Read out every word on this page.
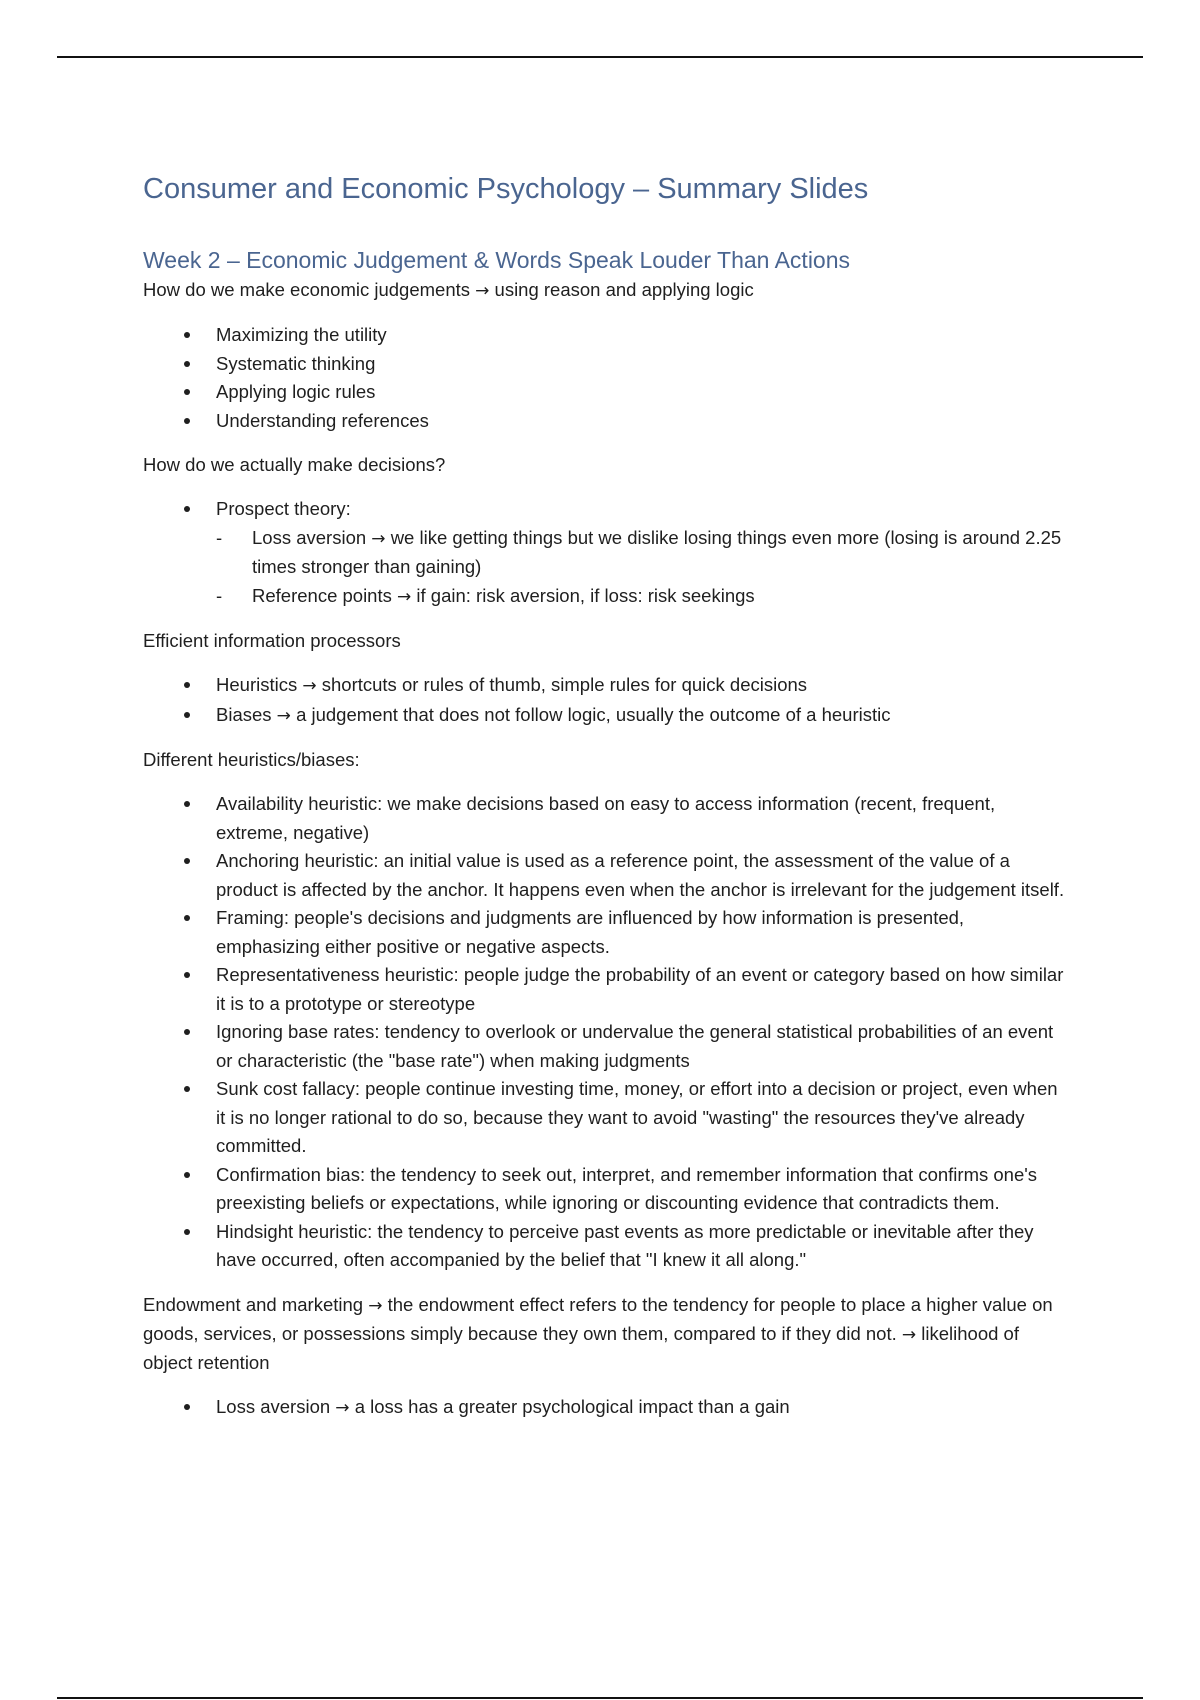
Consumer and Economic Psychology – Summary Slides
Week 2 – Economic Judgement & Words Speak Louder Than Actions

How do we make economic judgements → using reason and applying logic

Maximizing the utility
Systematic thinking
Applying logic rules
Understanding references

How do we actually make decisions?

Prospect theory:
- Loss aversion → we like getting things but we dislike losing things even more (losing is around 2.25 times stronger than gaining)
- Reference points → if gain: risk aversion, if loss: risk seekings

Efficient information processors

Heuristics → shortcuts or rules of thumb, simple rules for quick decisions
Biases → a judgement that does not follow logic, usually the outcome of a heuristic

Different heuristics/biases:

Availability heuristic: we make decisions based on easy to access information (recent, frequent, extreme, negative)
Anchoring heuristic: an initial value is used as a reference point, the assessment of the value of a product is affected by the anchor. It happens even when the anchor is irrelevant for the judgement itself.
Framing: people's decisions and judgments are influenced by how information is presented, emphasizing either positive or negative aspects.
Representativeness heuristic: people judge the probability of an event or category based on how similar it is to a prototype or stereotype
Ignoring base rates: tendency to overlook or undervalue the general statistical probabilities of an event or characteristic (the "base rate") when making judgments
Sunk cost fallacy: people continue investing time, money, or effort into a decision or project, even when it is no longer rational to do so, because they want to avoid "wasting" the resources they've already committed.
Confirmation bias: the tendency to seek out, interpret, and remember information that confirms one's preexisting beliefs or expectations, while ignoring or discounting evidence that contradicts them.
Hindsight heuristic: the tendency to perceive past events as more predictable or inevitable after they have occurred, often accompanied by the belief that "I knew it all along."

Endowment and marketing → the endowment effect refers to the tendency for people to place a higher value on goods, services, or possessions simply because they own them, compared to if they did not. → likelihood of object retention

Loss aversion → a loss has a greater psychological impact than a gain
